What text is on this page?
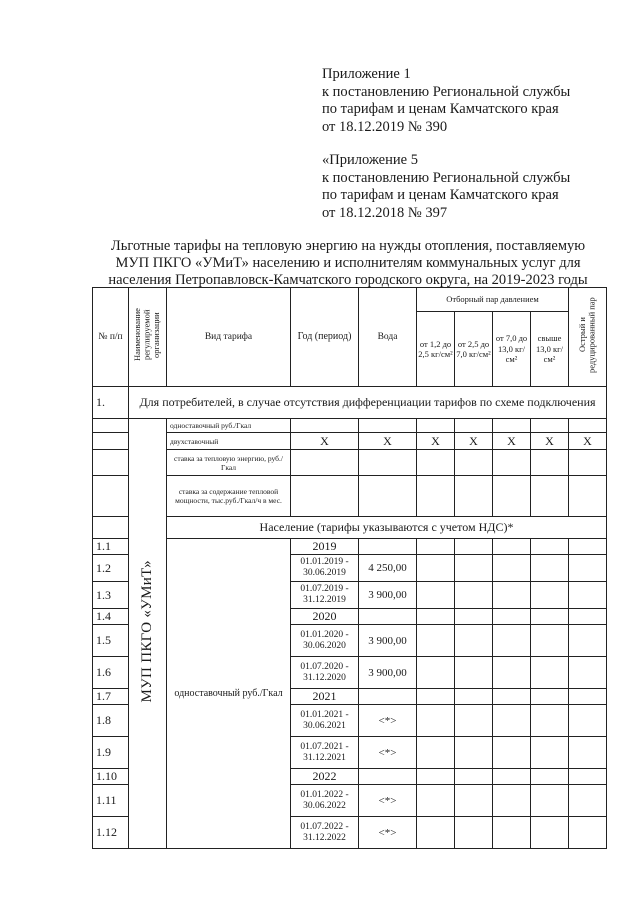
Приложение 1
к постановлению Региональной службы
по тарифам и ценам Камчатского края
от 18.12.2019 № 390
«Приложение 5
к постановлению Региональной службы
по тарифам и ценам Камчатского края
от 18.12.2018 № 397
Льготные тарифы на тепловую энергию на нужды отопления, поставляемую
МУП ПКГО «УМиТ» населению и исполнителям коммунальных услуг для
населения Петропавловск-Камчатского городского округа, на 2019-2023 годы
№ п/п	Наименование регулируемой организации	Вид тарифа	Год (период)	Вода	Отборный пар давлением				Острый и редуцированный пар
					от 1,2 до 2,5 кг/см²	от 2,5 до 7,0 кг/см²	от 7,0 до 13,0 кг/см²	свыше 13,0 кг/см²	
1.	Для потребителей, в случае отсутствия дифференциации тарифов по схеме подключения								
	МУП ПКГО «УМиТ»	одноставочный руб./Гкал							
		двухставочный	X	X	X	X	X	X	X
		ставка за тепловую энергию, руб./Гкал							
		ставка за содержание тепловой мощности, тыс.руб./Гкал/ч в мес.							
		Население (тарифы указываются с учетом НДС)*							
1.1		одноставочный руб./Гкал	2019						
1.2			01.01.2019 - 30.06.2019	4 250,00					
1.3			01.07.2019 - 31.12.2019	3 900,00					
1.4			2020						
1.5			01.01.2020 - 30.06.2020	3 900,00					
1.6			01.07.2020 - 31.12.2020	3 900,00					
1.7			2021						
1.8			01.01.2021 - 30.06.2021	<*>					
1.9			01.07.2021 - 31.12.2021	<*>					
1.10			2022						
1.11			01.01.2022 - 30.06.2022	<*>					
1.12			01.07.2022 - 31.12.2022	<*>					
